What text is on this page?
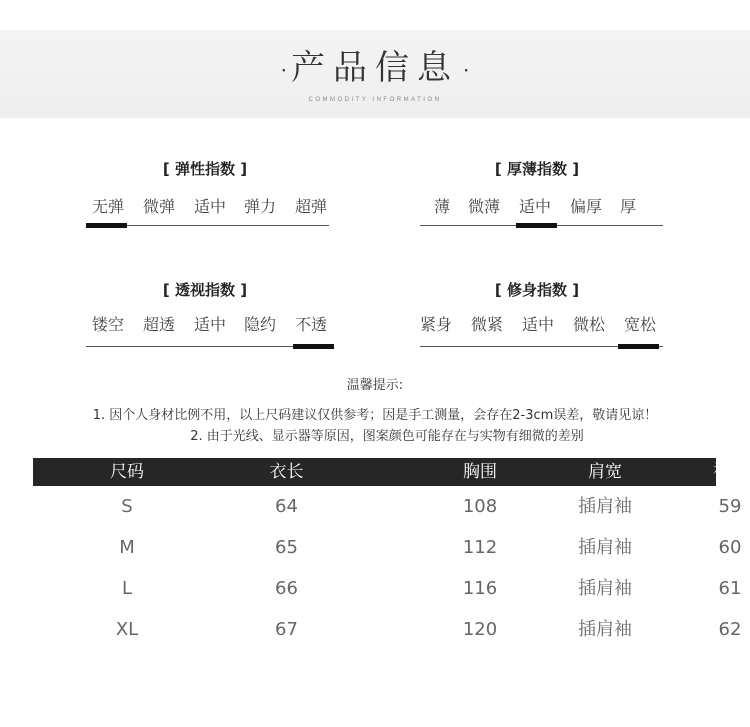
· 产品信息 ·
COMMODITY INFORMATION
[ 弹性指数 ]
无弹 微弹 适中 弹力 超弹
[ 厚薄指数 ]
薄 微薄 适中 偏厚 厚
[ 透视指数 ]
镂空 超透 适中 隐约 不透
[ 修身指数 ]
紧身 微紧 适中 微松 宽松
温馨提示:
1. 因个人身材比例不用，以上尺码建议仅供参考；因是手工测量，会存在2-3cm误差，敬请见谅！
2. 由于光线、显示器等原因，图案颜色可能存在与实物有细微的差别
尺码	衣长	胸围	肩宽	袖长
S	64	108	插肩袖	59
M	65	112	插肩袖	60
L	66	116	插肩袖	61
XL	67	120	插肩袖	62
